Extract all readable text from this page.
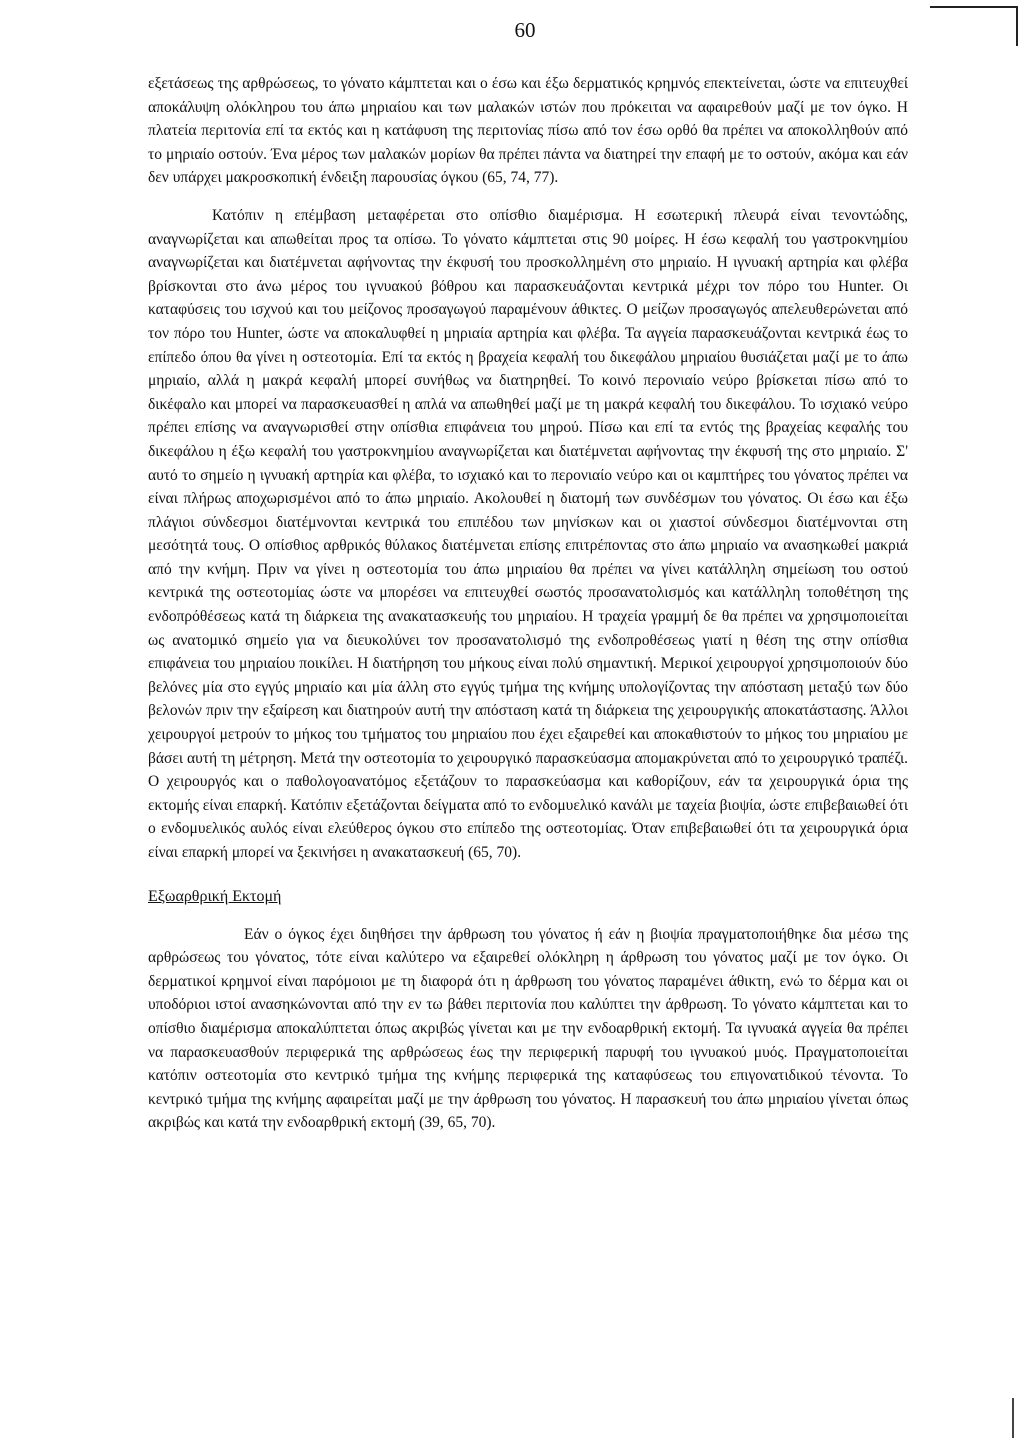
60

εξετάσεως της αρθρώσεως, το γόνατο κάμπτεται και ο έσω και έξω δερματικός κρημνός επεκτείνεται, ώστε να επιτευχθεί αποκάλυψη ολόκληρου του άπω μηριαίου και των μαλακών ιστών που πρόκειται να αφαιρεθούν μαζί με τον όγκο. Η πλατεία περιτονία επί τα εκτός και η κατάφυση της περιτονίας πίσω από τον έσω ορθό θα πρέπει να αποκολληθούν από το μηριαίο οστούν. Ένα μέρος των μαλακών μορίων θα πρέπει πάντα να διατηρεί την επαφή με το οστούν, ακόμα και εάν δεν υπάρχει μακροσκοπική ένδειξη παρουσίας όγκου (65, 74, 77).

Κατόπιν η επέμβαση μεταφέρεται στο οπίσθιο διαμέρισμα. Η εσωτερική πλευρά είναι τενοντώδης, αναγνωρίζεται και απωθείται προς τα οπίσω. Το γόνατο κάμπτεται στις 90 μοίρες. Η έσω κεφαλή του γαστροκνημίου αναγνωρίζεται και διατέμνεται αφήνοντας την έκφυσή του προσκολλημένη στο μηριαίο. Η ιγνυακή αρτηρία και φλέβα βρίσκονται στο άνω μέρος του ιγνυακού βόθρου και παρασκευάζονται κεντρικά μέχρι τον πόρο του Hunter. Οι καταφύσεις του ισχνού και του μείζονος προσαγωγού παραμένουν άθικτες. Ο μείζων προσαγωγός απελευθερώνεται από τον πόρο του Hunter, ώστε να αποκαλυφθεί η μηριαία αρτηρία και φλέβα. Τα αγγεία παρασκευάζονται κεντρικά έως το επίπεδο όπου θα γίνει η οστεοτομία. Επί τα εκτός η βραχεία κεφαλή του δικεφάλου μηριαίου θυσιάζεται μαζί με το άπω μηριαίο, αλλά η μακρά κεφαλή μπορεί συνήθως να διατηρηθεί. Το κοινό περονιαίο νεύρο βρίσκεται πίσω από το δικέφαλο και μπορεί να παρασκευασθεί η απλά να απωθηθεί μαζί με τη μακρά κεφαλή του δικεφάλου. Το ισχιακό νεύρο πρέπει επίσης να αναγνωρισθεί στην οπίσθια επιφάνεια του μηρού. Πίσω και επί τα εντός της βραχείας κεφαλής του δικεφάλου η έξω κεφαλή του γαστροκνημίου αναγνωρίζεται και διατέμνεται αφήνοντας την έκφυσή της στο μηριαίο. Σ' αυτό το σημείο η ιγνυακή αρτηρία και φλέβα, το ισχιακό και το περονιαίο νεύρο και οι καμπτήρες του γόνατος πρέπει να είναι πλήρως αποχωρισμένοι από το άπω μηριαίο. Ακολουθεί η διατομή των συνδέσμων του γόνατος. Οι έσω και έξω πλάγιοι σύνδεσμοι διατέμνονται κεντρικά του επιπέδου των μηνίσκων και οι χιαστοί σύνδεσμοι διατέμνονται στη μεσότητά τους. Ο οπίσθιος αρθρικός θύλακος διατέμνεται επίσης επιτρέποντας στο άπω μηριαίο να ανασηκωθεί μακριά από την κνήμη. Πριν να γίνει η οστεοτομία του άπω μηριαίου θα πρέπει να γίνει κατάλληλη σημείωση του οστού κεντρικά της οστεοτομίας ώστε να μπορέσει να επιτευχθεί σωστός προσανατολισμός και κατάλληλη τοποθέτηση της ενδοπρόθέσεως κατά τη διάρκεια της ανακατασκευής του μηριαίου. Η τραχεία γραμμή δε θα πρέπει να χρησιμοποιείται ως ανατομικό σημείο για να διευκολύνει τον προσανατολισμό της ενδοπροθέσεως γιατί η θέση της στην οπίσθια επιφάνεια του μηριαίου ποικίλει. Η διατήρηση του μήκους είναι πολύ σημαντική. Μερικοί χειρουργοί χρησιμοποιούν δύο βελόνες μία στο εγγύς μηριαίο και μία άλλη στο εγγύς τμήμα της κνήμης υπολογίζοντας την απόσταση μεταξύ των δύο βελονών πριν την εξαίρεση και διατηρούν αυτή την απόσταση κατά τη διάρκεια της χειρουργικής αποκατάστασης. Άλλοι χειρουργοί μετρούν το μήκος του τμήματος του μηριαίου που έχει εξαιρεθεί και αποκαθιστούν το μήκος του μηριαίου με βάσει αυτή τη μέτρηση. Μετά την οστεοτομία το χειρουργικό παρασκεύασμα απομακρύνεται από το χειρουργικό τραπέζι. Ο χειρουργός και ο παθολογοανατόμος εξετάζουν το παρασκεύασμα και καθορίζουν, εάν τα χειρουργικά όρια της εκτομής είναι επαρκή. Κατόπιν εξετάζονται δείγματα από το ενδομυελικό κανάλι με ταχεία βιοψία, ώστε επιβεβαιωθεί ότι ο ενδομυελικός αυλός είναι ελεύθερος όγκου στο επίπεδο της οστεοτομίας. Όταν επιβεβαιωθεί ότι τα χειρουργικά όρια είναι επαρκή μπορεί να ξεκινήσει η ανακατασκευή (65, 70).

Εξωαρθρική Εκτομή

Εάν ο όγκος έχει διηθήσει την άρθρωση του γόνατος ή εάν η βιοψία πραγματοποιήθηκε δια μέσω της αρθρώσεως του γόνατος, τότε είναι καλύτερο να εξαιρεθεί ολόκληρη η άρθρωση του γόνατος μαζί με τον όγκο. Οι δερματικοί κρημνοί είναι παρόμοιοι με τη διαφορά ότι η άρθρωση του γόνατος παραμένει άθικτη, ενώ το δέρμα και οι υποδόριοι ιστοί ανασηκώνονται από την εν τω βάθει περιτονία που καλύπτει την άρθρωση. Το γόνατο κάμπτεται και το οπίσθιο διαμέρισμα αποκαλύπτεται όπως ακριβώς γίνεται και με την ενδοαρθρική εκτομή. Τα ιγνυακά αγγεία θα πρέπει να παρασκευασθούν περιφερικά της αρθρώσεως έως την περιφερική παρυφή του ιγνυακού μυός. Πραγματοποιείται κατόπιν οστεοτομία στο κεντρικό τμήμα της κνήμης περιφερικά της καταφύσεως του επιγονατιδικού τένοντα. Το κεντρικό τμήμα της κνήμης αφαιρείται μαζί με την άρθρωση του γόνατος. Η παρασκευή του άπω μηριαίου γίνεται όπως ακριβώς και κατά την ενδοαρθρική εκτομή (39, 65, 70).
